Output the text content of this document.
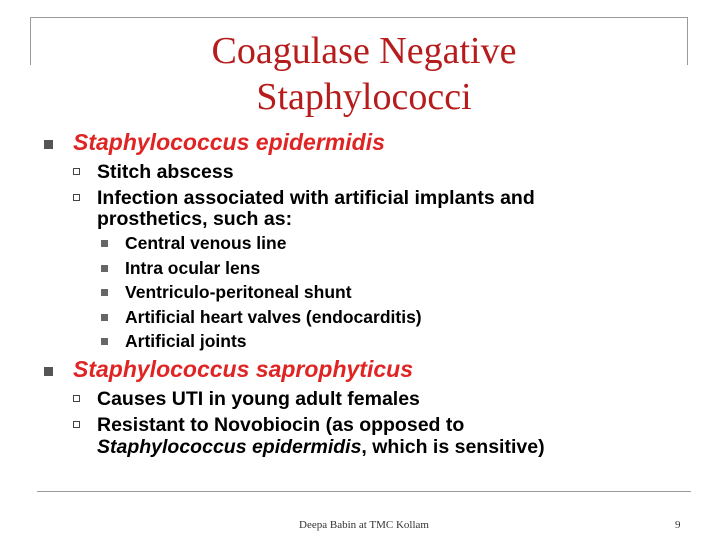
Coagulase Negative
Staphylococci
Staphylococcus epidermidis
Stitch abscess
Infection associated with artificial implants and
prosthetics, such as:
Central venous line
Intra ocular lens
Ventriculo-peritoneal shunt
Artificial heart valves (endocarditis)
Artificial joints
Staphylococcus saprophyticus
Causes UTI in young adult females
Resistant to Novobiocin (as opposed to
Staphylococcus epidermidis, which is sensitive)
Deepa Babin at TMC Kollam	9
